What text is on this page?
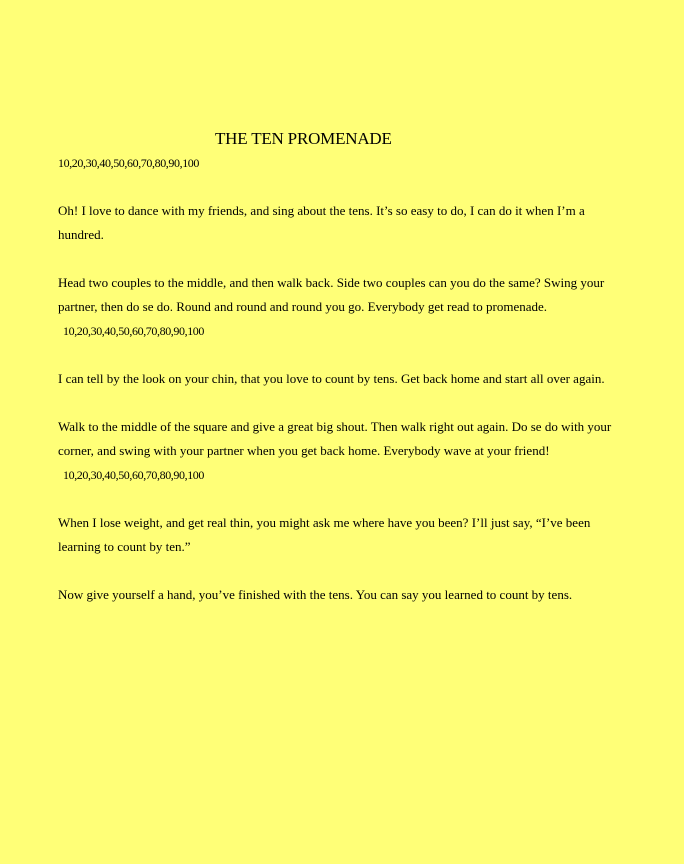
THE TEN PROMENADE
10,20,30,40,50,60,70,80,90,100

Oh! I love to dance with my friends, and sing about the tens. It’s so easy to do, I can do it when I’m a hundred.

Head two couples to the middle, and then walk back. Side two couples can you do the same? Swing your partner, then do se do. Round and round and round you go. Everybody get read to promenade.

10,20,30,40,50,60,70,80,90,100

I can tell by the look on your chin, that you love to count by tens. Get back home and start all over again.

Walk to the middle of the square and give a great big shout. Then walk right out again. Do se do with your corner, and swing with your partner when you get back home. Everybody wave at your friend!

10,20,30,40,50,60,70,80,90,100

When I lose weight, and get real thin, you might ask me where have you been? I’ll just say, “I’ve been learning to count by ten.”

Now give yourself a hand, you’ve finished with the tens. You can say you learned to count by tens.
